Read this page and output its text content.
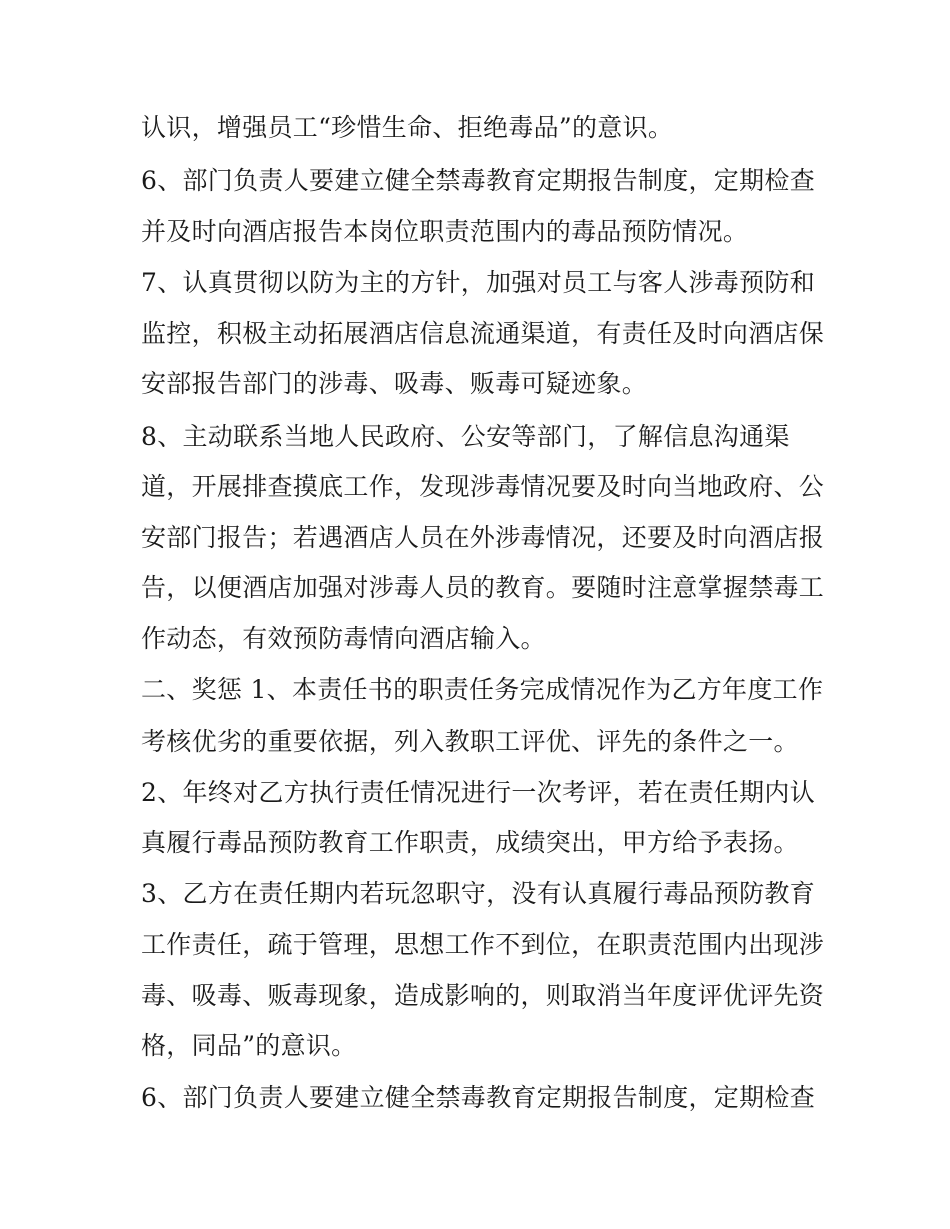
认识，增强员工“珍惜生命、拒绝毒品”的意识。
6、部门负责人要建立健全禁毒教育定期报告制度，定期检查
并及时向酒店报告本岗位职责范围内的毒品预防情况。
7、认真贯彻以防为主的方针，加强对员工与客人涉毒预防和
监控，积极主动拓展酒店信息流通渠道，有责任及时向酒店保
安部报告部门的涉毒、吸毒、贩毒可疑迹象。
8、主动联系当地人民政府、公安等部门，了解信息沟通渠
道，开展排查摸底工作，发现涉毒情况要及时向当地政府、公
安部门报告；若遇酒店人员在外涉毒情况，还要及时向酒店报
告，以便酒店加强对涉毒人员的教育。要随时注意掌握禁毒工
作动态，有效预防毒情向酒店输入。
二、奖惩 1、本责任书的职责任务完成情况作为乙方年度工作
考核优劣的重要依据，列入教职工评优、评先的条件之一。
2、年终对乙方执行责任情况进行一次考评，若在责任期内认
真履行毒品预防教育工作职责，成绩突出，甲方给予表扬。
3、乙方在责任期内若玩忽职守，没有认真履行毒品预防教育
工作责任，疏于管理，思想工作不到位，在职责范围内出现涉
毒、吸毒、贩毒现象，造成影响的，则取消当年度评优评先资
格，同品”的意识。
6、部门负责人要建立健全禁毒教育定期报告制度，定期检查
